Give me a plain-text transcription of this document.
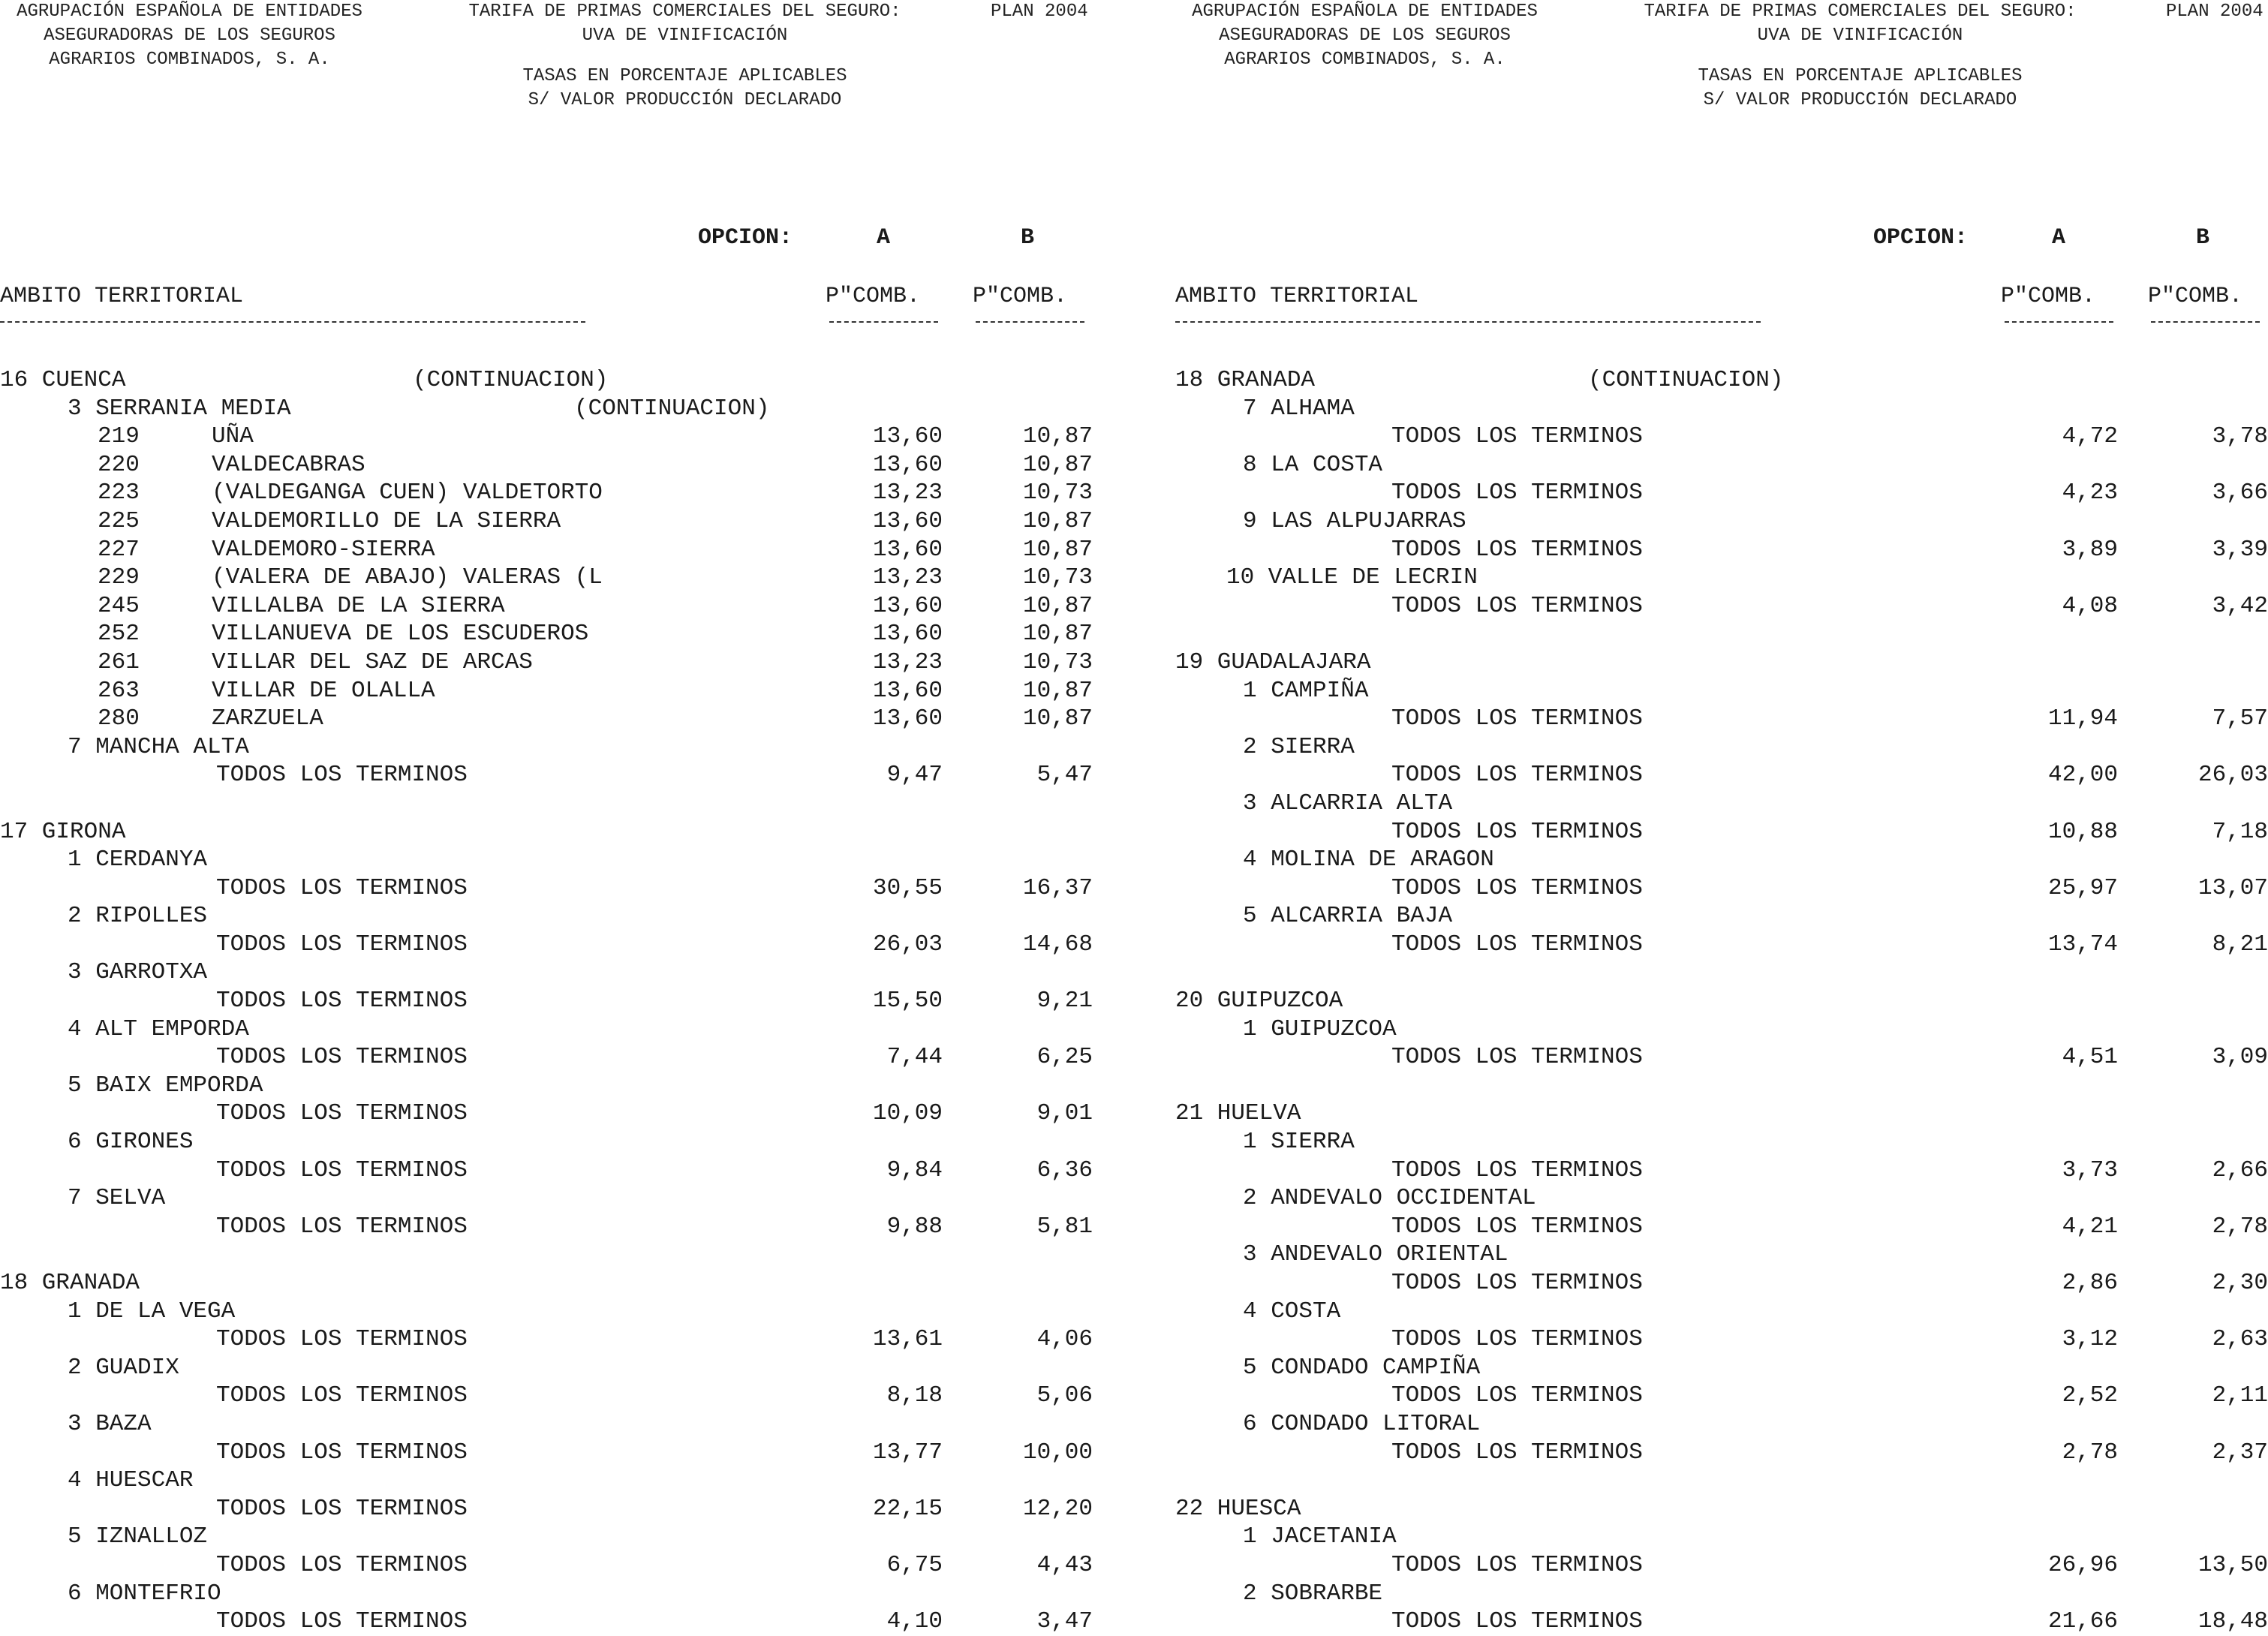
AGRUPACIÓN ESPAÑOLA DE ENTIDADES
ASEGURADORAS DE LOS SEGUROS
AGRARIOS COMBINADOS, S. A.
TARIFA DE PRIMAS COMERCIALES DEL SEGURO:
UVA DE VINIFICACIÓN
PLAN 2004
TASAS EN PORCENTAJE APLICABLES
S/ VALOR PRODUCCIÓN DECLARADO
OPCION:	A	B
AMBITO TERRITORIAL	P"COMB. P"COMB.
16 CUENCA	(CONTINUACION)
3 SERRANIA MEDIA	(CONTINUACION)
219	UÑA	13,60	10,87
220	VALDECABRAS	13,60	10,87
223	(VALDEGANGA CUEN) VALDETORTO	13,23	10,73
225	VALDEMORILLO DE LA SIERRA	13,60	10,87
227	VALDEMORO-SIERRA	13,60	10,87
229	(VALERA DE ABAJO) VALERAS (L	13,23	10,73
245	VILLALBA DE LA SIERRA	13,60	10,87
252	VILLANUEVA DE LOS ESCUDEROS	13,60	10,87
261	VILLAR DEL SAZ DE ARCAS	13,23	10,73
263	VILLAR DE OLALLA	13,60	10,87
280	ZARZUELA	13,60	10,87
7 MANCHA ALTA
TODOS LOS TERMINOS	9,47	5,47
17 GIRONA
1 CERDANYA
TODOS LOS TERMINOS	30,55	16,37
2 RIPOLLES
TODOS LOS TERMINOS	26,03	14,68
3 GARROTXA
TODOS LOS TERMINOS	15,50	9,21
4 ALT EMPORDA
TODOS LOS TERMINOS	7,44	6,25
5 BAIX EMPORDA
TODOS LOS TERMINOS	10,09	9,01
6 GIRONES
TODOS LOS TERMINOS	9,84	6,36
7 SELVA
TODOS LOS TERMINOS	9,88	5,81
18 GRANADA
1 DE LA VEGA
TODOS LOS TERMINOS	13,61	4,06
2 GUADIX
TODOS LOS TERMINOS	8,18	5,06
3 BAZA
TODOS LOS TERMINOS	13,77	10,00
4 HUESCAR
TODOS LOS TERMINOS	22,15	12,20
5 IZNALLOZ
TODOS LOS TERMINOS	6,75	4,43
6 MONTEFRIO
TODOS LOS TERMINOS	4,10	3,47
AGRUPACIÓN ESPAÑOLA DE ENTIDADES
ASEGURADORAS DE LOS SEGUROS
AGRARIOS COMBINADOS, S. A.
TARIFA DE PRIMAS COMERCIALES DEL SEGURO:
UVA DE VINIFICACIÓN
PLAN 2004
TASAS EN PORCENTAJE APLICABLES
S/ VALOR PRODUCCIÓN DECLARADO
OPCION:	A	B
AMBITO TERRITORIAL	P"COMB. P"COMB.
18 GRANADA	(CONTINUACION)
7 ALHAMA
TODOS LOS TERMINOS	4,72	3,78
8 LA COSTA
TODOS LOS TERMINOS	4,23	3,66
9 LAS ALPUJARRAS
TODOS LOS TERMINOS	3,89	3,39
10 VALLE DE LECRIN
TODOS LOS TERMINOS	4,08	3,42
19 GUADALAJARA
1 CAMPIÑA
TODOS LOS TERMINOS	11,94	7,57
2 SIERRA
TODOS LOS TERMINOS	42,00	26,03
3 ALCARRIA ALTA
TODOS LOS TERMINOS	10,88	7,18
4 MOLINA DE ARAGON
TODOS LOS TERMINOS	25,97	13,07
5 ALCARRIA BAJA
TODOS LOS TERMINOS	13,74	8,21
20 GUIPUZCOA
1 GUIPUZCOA
TODOS LOS TERMINOS	4,51	3,09
21 HUELVA
1 SIERRA
TODOS LOS TERMINOS	3,73	2,66
2 ANDEVALO OCCIDENTAL
TODOS LOS TERMINOS	4,21	2,78
3 ANDEVALO ORIENTAL
TODOS LOS TERMINOS	2,86	2,30
4 COSTA
TODOS LOS TERMINOS	3,12	2,63
5 CONDADO CAMPIÑA
TODOS LOS TERMINOS	2,52	2,11
6 CONDADO LITORAL
TODOS LOS TERMINOS	2,78	2,37
22 HUESCA
1 JACETANIA
TODOS LOS TERMINOS	26,96	13,50
2 SOBRARBE
TODOS LOS TERMINOS	21,66	18,48
